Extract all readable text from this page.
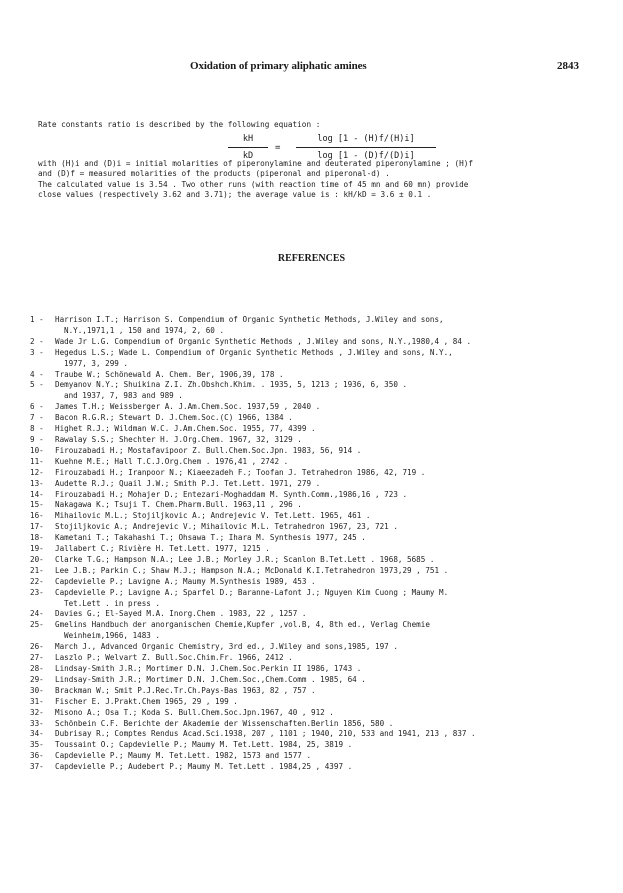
Oxidation of primary aliphatic amines	2843
Rate constants ratio is described by the following equation :
kH
kD
=
log [1 - (H)f/(H)i]
log [1 - (D)f/(D)i]
with (H)i and (D)i = initial molarities of piperonylamine and deuterated piperonylamine ; (H)f
and (D)f = measured molarities of the products (piperonal and piperonal-d) .
The calculated value is 3.54 . Two other runs (with reaction time of 45 mn and 60 mn) provide
close values (respectively 3.62 and 3.71); the average value is : kH/kD = 3.6 ± 0.1 .
REFERENCES
1 - Harrison I.T.; Harrison S. Compendium of Organic Synthetic Methods, J.Wiley and sons,
N.Y.,1971,1 , 150 and 1974, 2, 60 .
2 - Wade Jr L.G. Compendium of Organic Synthetic Methods , J.Wiley and sons, N.Y.,1980,4 , 84 .
3 - Hegedus L.S.; Wade L. Compendium of Organic Synthetic Methods , J.Wiley and sons, N.Y.,
1977, 3, 299 .
4 - Traube W.; Schönewald A. Chem. Ber, 1906,39, 178 .
5 - Demyanov N.Y.; Shuikina Z.I. Zh.Obshch.Khim. . 1935, 5, 1213 ; 1936, 6, 350 .
and 1937, 7, 983 and 989 .
6 - James T.H.; Weissberger A. J.Am.Chem.Soc. 1937,59 , 2040 .
7 - Bacon R.G.R.; Stewart D. J.Chem.Soc.(C) 1966, 1384 .
8 - Highet R.J.; Wildman W.C. J.Am.Chem.Soc. 1955, 77, 4399 .
9 - Rawalay S.S.; Shechter H. J.Org.Chem. 1967, 32, 3129 .
10- Firouzabadi H.; Mostafavipoor Z. Bull.Chem.Soc.Jpn. 1983, 56, 914 .
11- Kuehne M.E.; Hall T.C.J.Org.Chem . 1976,41 , 2742 .
12- Firouzabadi H.; Iranpoor N.; Kiaeezadeh F.; Toofan J. Tetrahedron 1986, 42, 719 .
13- Audette R.J.; Quail J.W.; Smith P.J. Tet.Lett. 1971, 279 .
14- Firouzabadi H.; Mohajer D.; Entezari-Moghaddam M. Synth.Comm.,1986,16 , 723 .
15- Nakagawa K.; Tsuji T. Chem.Pharm.Bull. 1963,11 , 296 .
16- Mihailovic M.L.; Stojiljkovic A.; Andrejevic V. Tet.Lett. 1965, 461 .
17- Stojiljkovic A.; Andrejevic V.; Mihailovic M.L. Tetrahedron 1967, 23, 721 .
18- Kametani T.; Takahashi T.; Ohsawa T.; Ihara M. Synthesis 1977, 245 .
19- Jallabert C.; Rivière H. Tet.Lett. 1977, 1215 .
20- Clarke T.G.; Hampson N.A.; Lee J.B.; Morley J.R.; Scanlon B.Tet.Lett . 1968, 5685 .
21- Lee J.B.; Parkin C.; Shaw M.J.; Hampson N.A.; McDonald K.I.Tetrahedron 1973,29 , 751 .
22- Capdevielle P.; Lavigne A.; Maumy M.Synthesis 1989, 453 .
23- Capdevielle P.; Lavigne A.; Sparfel D.; Baranne-Lafont J.; Nguyen Kim Cuong ; Maumy M.
Tet.Lett . in press .
24- Davies G.; El-Sayed M.A. Inorg.Chem . 1983, 22 , 1257 .
25- Gmelins Handbuch der anorganischen Chemie,Kupfer ,vol.B, 4, 8th ed., Verlag Chemie
Weinheim,1966, 1483 .
26- March J., Advanced Organic Chemistry, 3rd ed., J.Wiley and sons,1985, 197 .
27- Laszlo P.; Welvart Z. Bull.Soc.Chim.Fr. 1966, 2412 .
28- Lindsay-Smith J.R.; Mortimer D.N. J.Chem.Soc.Perkin II 1986, 1743 .
29- Lindsay-Smith J.R.; Mortimer D.N. J.Chem.Soc.,Chem.Comm . 1985, 64 .
30- Brackman W.; Smit P.J.Rec.Tr.Ch.Pays-Bas 1963, 82 , 757 .
31- Fischer E. J.Prakt.Chem 1965, 29 , 199 .
32- Misono A.; Osa T.; Koda S. Bull.Chem.Soc.Jpn.1967, 40 , 912 .
33- Schönbein C.F. Berichte der Akademie der Wissenschaften.Berlin 1856, 580 .
34- Dubrisay R.; Comptes Rendus Acad.Sci.1938, 207 , 1101 ; 1940, 210, 533 and 1941, 213 , 837 .
35- Toussaint O.; Capdevielle P.; Maumy M. Tet.Lett. 1984, 25, 3819 .
36- Capdevielle P.; Maumy M. Tet.Lett. 1982, 1573 and 1577 .
37- Capdevielle P.; Audebert P.; Maumy M. Tet.Lett . 1984,25 , 4397 .
